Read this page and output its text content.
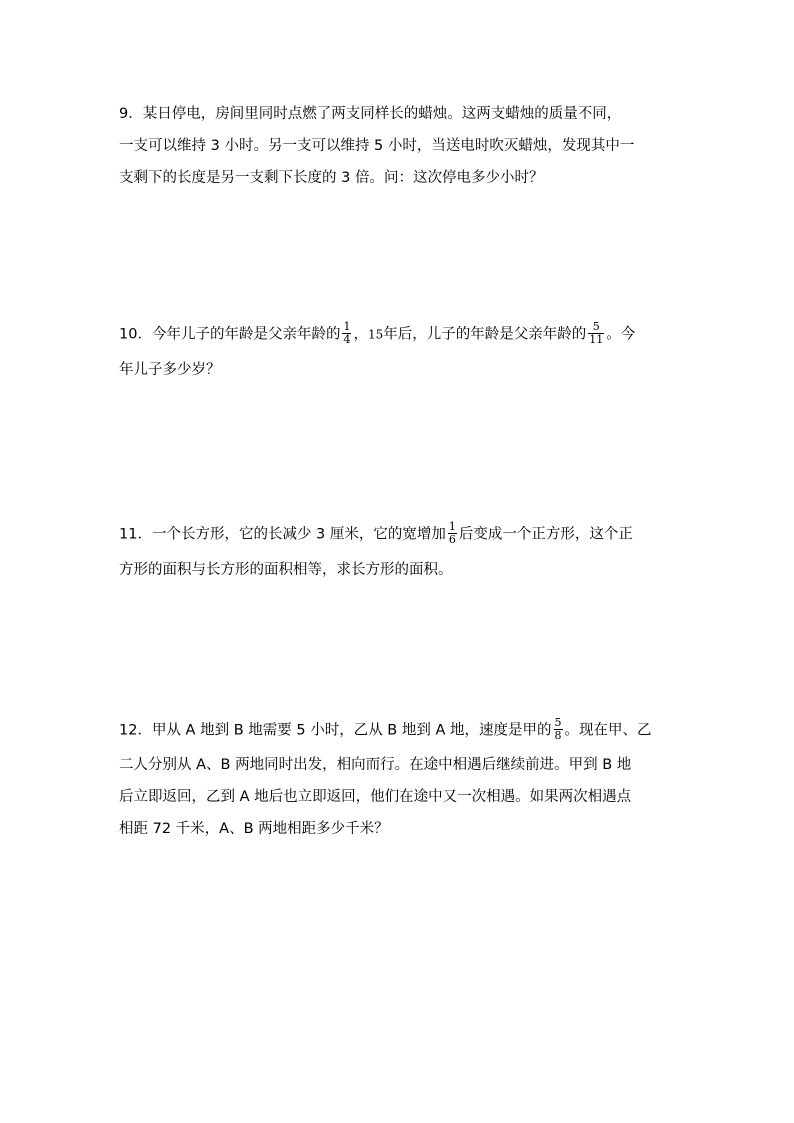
9．某日停电，房间里同时点燃了两支同样长的蜡烛。这两支蜡烛的质量不同，
一支可以维持 3 小时。另一支可以维持 5 小时，当送电时吹灭蜡烛，发现其中一
支剩下的长度是另一支剩下长度的 3 倍。问：这次停电多少小时？
10．今年儿子的年龄是父亲年龄的 $\frac{1}{4}$ ，15年后，儿子的年龄是父亲年龄的 $\frac{5}{11}$ 。今
年儿子多少岁？
11．一个长方形，它的长减少 3 厘米，它的宽增加 $\frac{1}{6}$ 后变成一个正方形，这个正
方形的面积与长方形的面积相等，求长方形的面积。
12．甲从 A 地到 B 地需要 5 小时，乙从 B 地到 A 地，速度是甲的 $\frac{5}{8}$ 。现在甲、乙
二人分别从 A、B 两地同时出发，相向而行。在途中相遇后继续前进。甲到 B 地
后立即返回，乙到 A 地后也立即返回，他们在途中又一次相遇。如果两次相遇点
相距 72 千米，A、B 两地相距多少千米？
